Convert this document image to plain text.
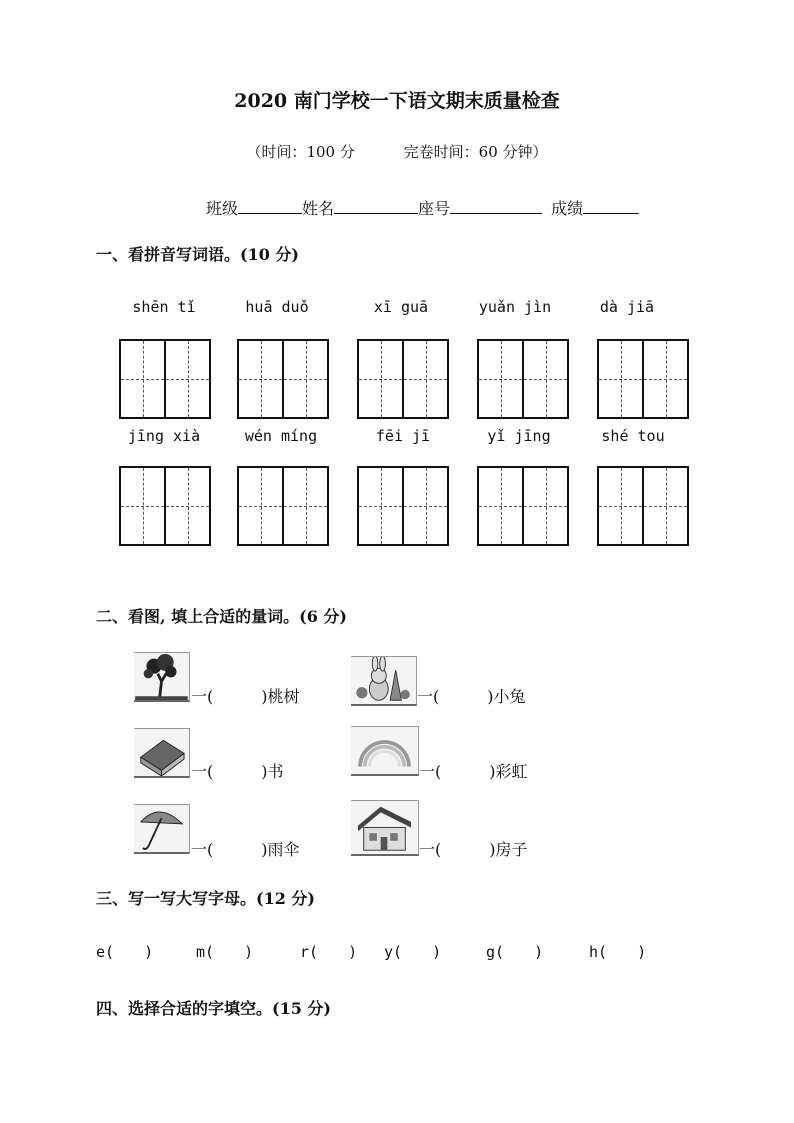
2020 南门学校一下语文期末质量检查
（时间：100 分	完卷时间：60 分钟）
班级	姓名	座号	成绩
一、看拼音写词语。(10 分)
shēn tǐ	huā duǒ	xī guā	yuǎn jìn	dà jiā
jīng xià	wén míng	fēi jī	yǐ jīng	shé tou
二、看图, 填上合适的量词。(6 分)
一(	)桃树	一(	)小兔
一(	)书	一(	)彩虹
一(	)雨伞	一(	)房子
三、写一写大写字母。(12 分)
e( )	m( )	r( ) y( )	g( )	h( )
四、选择合适的字填空。(15 分)
